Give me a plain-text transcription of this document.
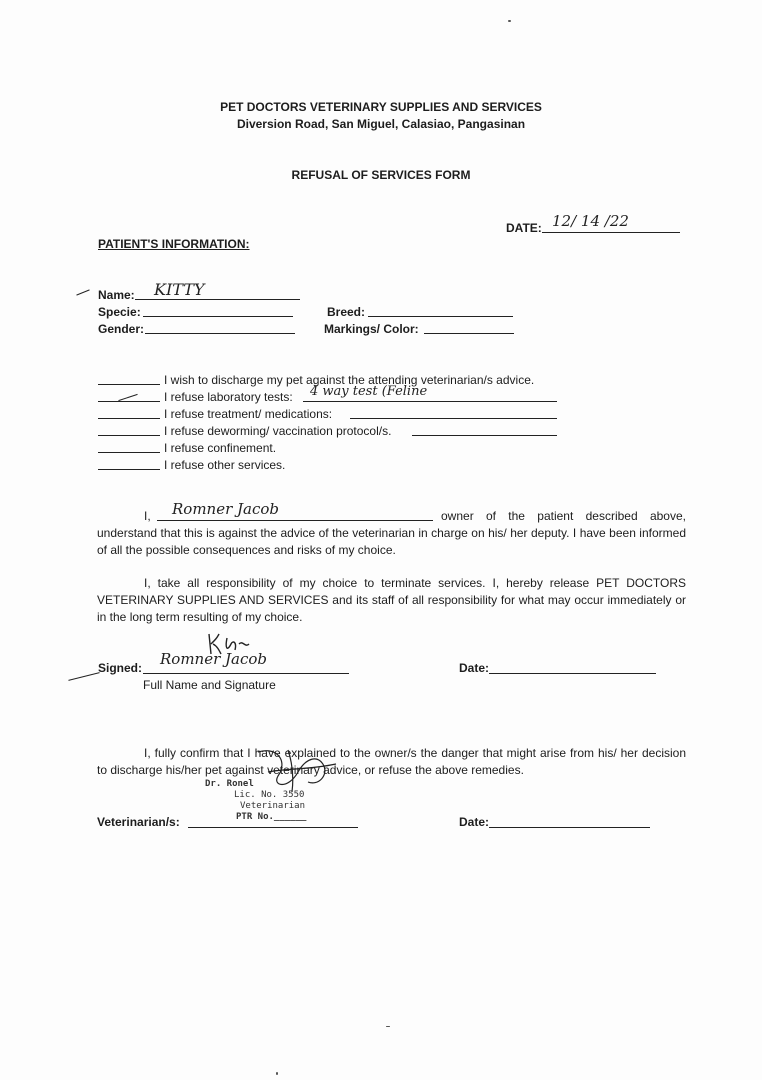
PET DOCTORS VETERINARY SUPPLIES AND SERVICES
Diversion Road, San Miguel, Calasiao, Pangasinan
REFUSAL OF SERVICES FORM
DATE: 12/ 14 /22
PATIENT'S INFORMATION:
Name: KITTY
Specie:	Breed:
Gender:	Markings/ Color:
I wish to discharge my pet against the attending veterinarian/s advice.
I refuse laboratory tests: 4 way test (Feline
I refuse treatment/ medications:
I refuse deworming/ vaccination protocol/s.
I refuse confinement.
I refuse other services.
I, Romner Jacob	owner of the patient described above,
understand that this is against the advice of the veterinarian in charge on his/ her deputy. I have been informed of all the possible consequences and risks of my choice.
I, take all responsibility of my choice to terminate services. I, hereby release PET DOCTORS VETERINARY SUPPLIES AND SERVICES and its staff of all responsibility for what may occur immediately or in the long term resulting of my choice.
Signed: Romner Jacob
Full Name and Signature
Date:
I, fully confirm that I have explained to the owner/s the danger that might arise from his/ her decision to discharge his/her pet against veterinary advice, or refuse the above remedies.
Dr. Ronel
Lic. No. 3550
Veterinarian
PTR No.______
Veterinarian/s:	Date:
